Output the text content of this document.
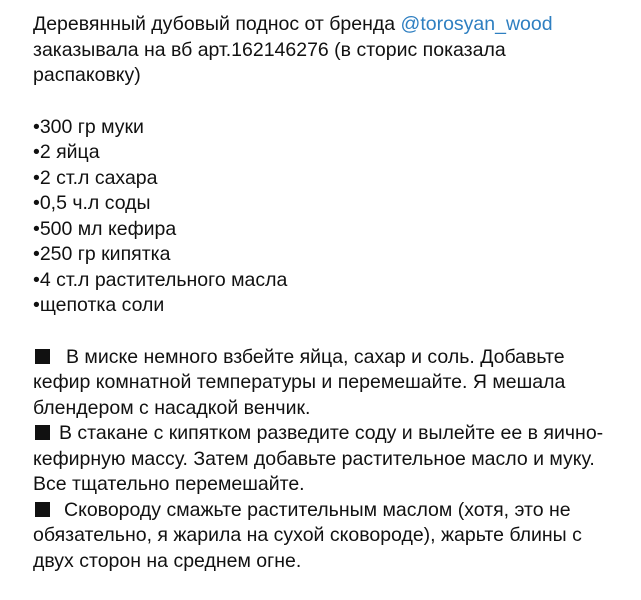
Деревянный дубовый поднос от бренда @torosyan_wood
заказывала на вб арт.162146276 (в сторис показала распаковку)

•300 гр муки
•2 яйца
•2 ст.л сахара
•0,5 ч.л соды
•500 мл кефира
•250 гр кипятка
•4 ст.л растительного масла
•щепотка соли

В миске немного взбейте яйца, сахар и соль. Добавьте кефир комнатной температуры и перемешайте. Я мешала блендером с насадкой венчик.

В стакане с кипятком разведите соду и вылейте ее в яично-кефирную массу. Затем добавьте растительное масло и муку. Все тщательно перемешайте.

Сковороду смажьте растительным маслом (хотя, это не обязательно, я жарила на сухой сковороде), жарьте блины с двух сторон на среднем огне.
